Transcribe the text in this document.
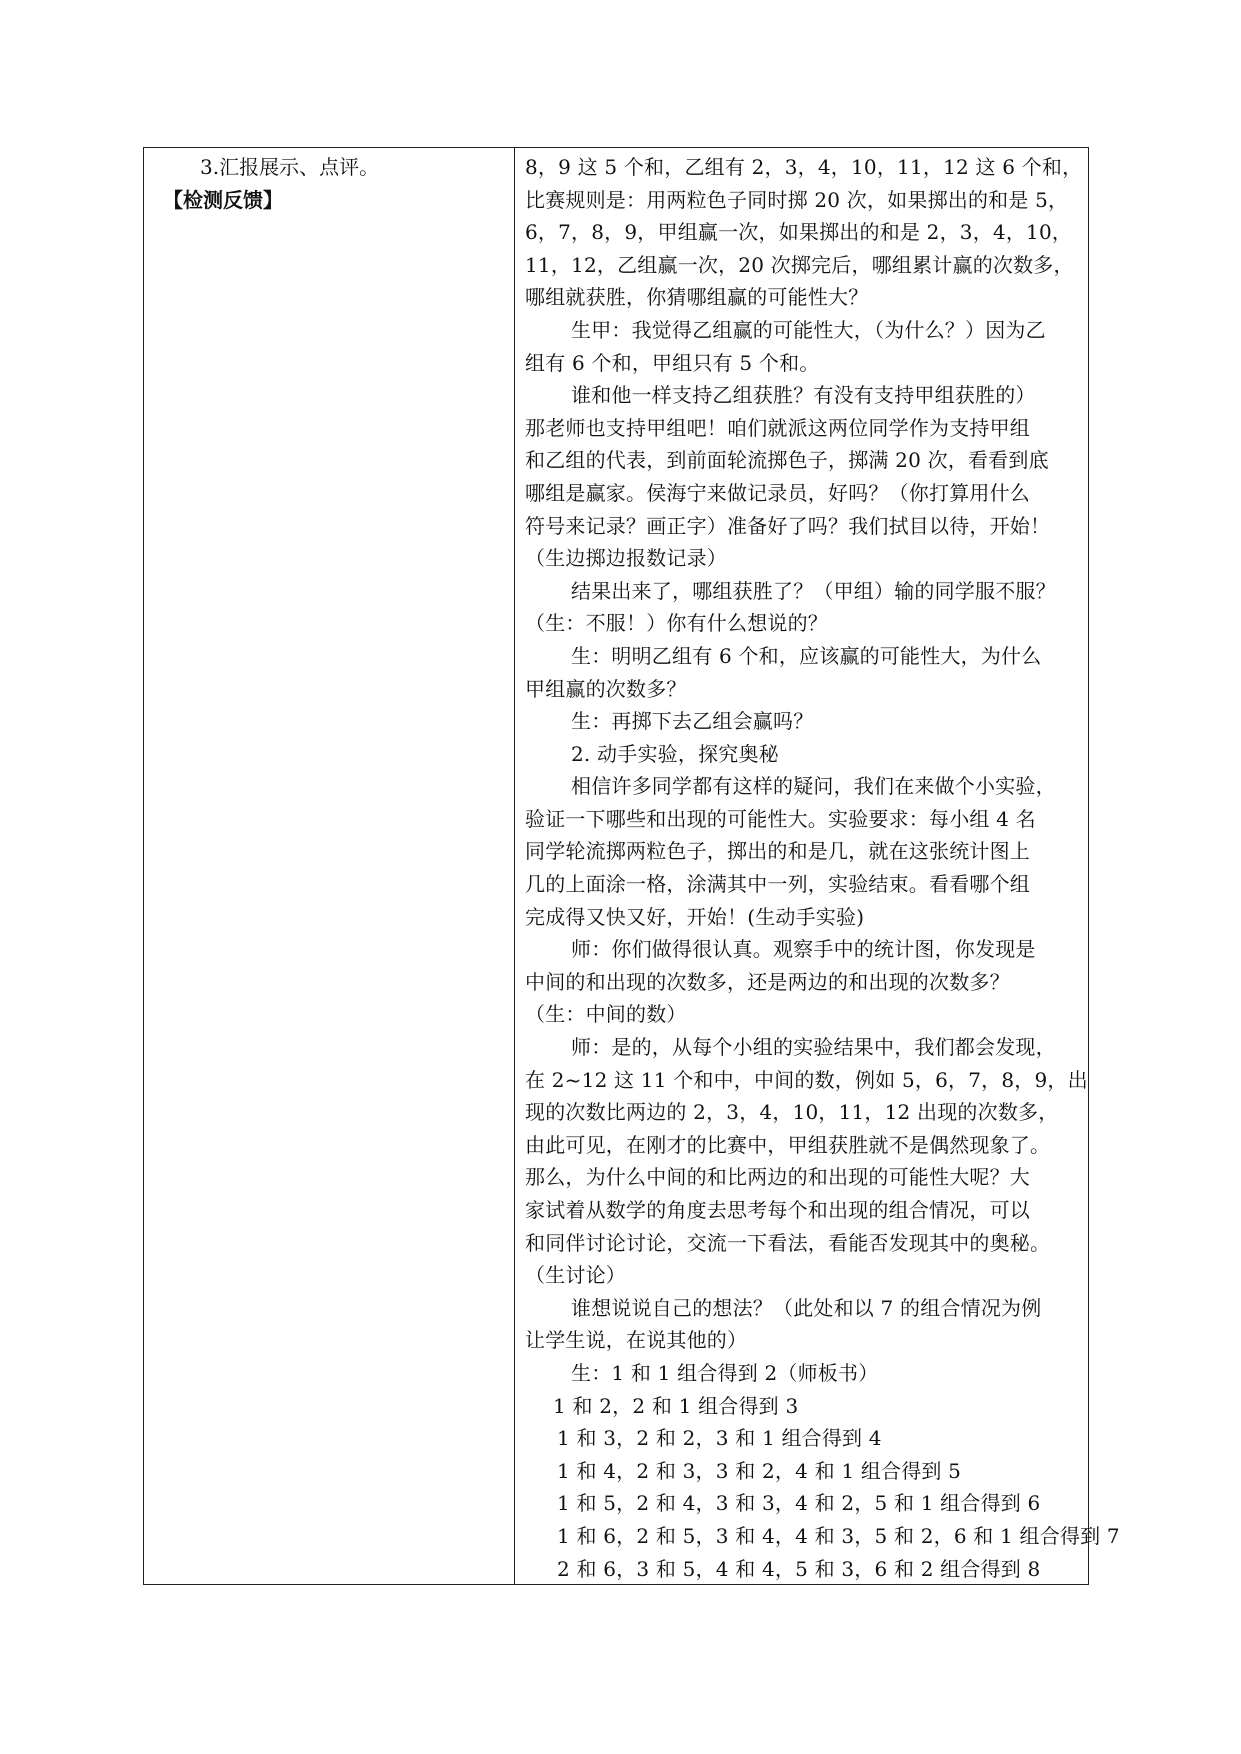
3.汇报展示、点评。
【检测反馈】
8，9 这 5 个和，乙组有 2，3，4，10，11，12 这 6 个和，
比赛规则是：用两粒色子同时掷 20 次，如果掷出的和是 5，
6，7，8，9，甲组赢一次，如果掷出的和是 2，3，4，10，
11，12，乙组赢一次，20 次掷完后，哪组累计赢的次数多，
哪组就获胜，你猜哪组赢的可能性大？
生甲：我觉得乙组赢的可能性大，（为什么？）因为乙
组有 6 个和，甲组只有 5 个和。
谁和他一样支持乙组获胜？有没有支持甲组获胜的）
那老师也支持甲组吧！咱们就派这两位同学作为支持甲组
和乙组的代表，到前面轮流掷色子，掷满 20 次，看看到底
哪组是赢家。侯海宁来做记录员，好吗？（你打算用什么
符号来记录？画正字）准备好了吗？我们拭目以待，开始！
（生边掷边报数记录）
结果出来了，哪组获胜了？（甲组）输的同学服不服？
（生：不服！）你有什么想说的？
生：明明乙组有 6 个和，应该赢的可能性大，为什么
甲组赢的次数多？
生：再掷下去乙组会赢吗？
2. 动手实验，探究奥秘
相信许多同学都有这样的疑问，我们在来做个小实验，
验证一下哪些和出现的可能性大。实验要求：每小组 4 名
同学轮流掷两粒色子，掷出的和是几，就在这张统计图上
几的上面涂一格，涂满其中一列，实验结束。看看哪个组
完成得又快又好，开始！(生动手实验)
师：你们做得很认真。观察手中的统计图，你发现是
中间的和出现的次数多，还是两边的和出现的次数多？
（生：中间的数）
师：是的，从每个小组的实验结果中，我们都会发现，
在 2~12 这 11 个和中，中间的数，例如 5，6，7，8，9，出
现的次数比两边的 2，3，4，10，11，12 出现的次数多，
由此可见，在刚才的比赛中，甲组获胜就不是偶然现象了。
那么，为什么中间的和比两边的和出现的可能性大呢？大
家试着从数学的角度去思考每个和出现的组合情况，可以
和同伴讨论讨论，交流一下看法，看能否发现其中的奥秘。
（生讨论）
谁想说说自己的想法？（此处和以 7 的组合情况为例
让学生说，在说其他的）
生：1 和 1 组合得到 2（师板书）
1 和 2，2 和 1 组合得到 3
1 和 3，2 和 2，3 和 1 组合得到 4
1 和 4，2 和 3，3 和 2，4 和 1 组合得到 5
1 和 5，2 和 4，3 和 3，4 和 2，5 和 1 组合得到 6
1 和 6，2 和 5，3 和 4，4 和 3，5 和 2，6 和 1 组合得到 7
2 和 6，3 和 5，4 和 4，5 和 3，6 和 2 组合得到 8
